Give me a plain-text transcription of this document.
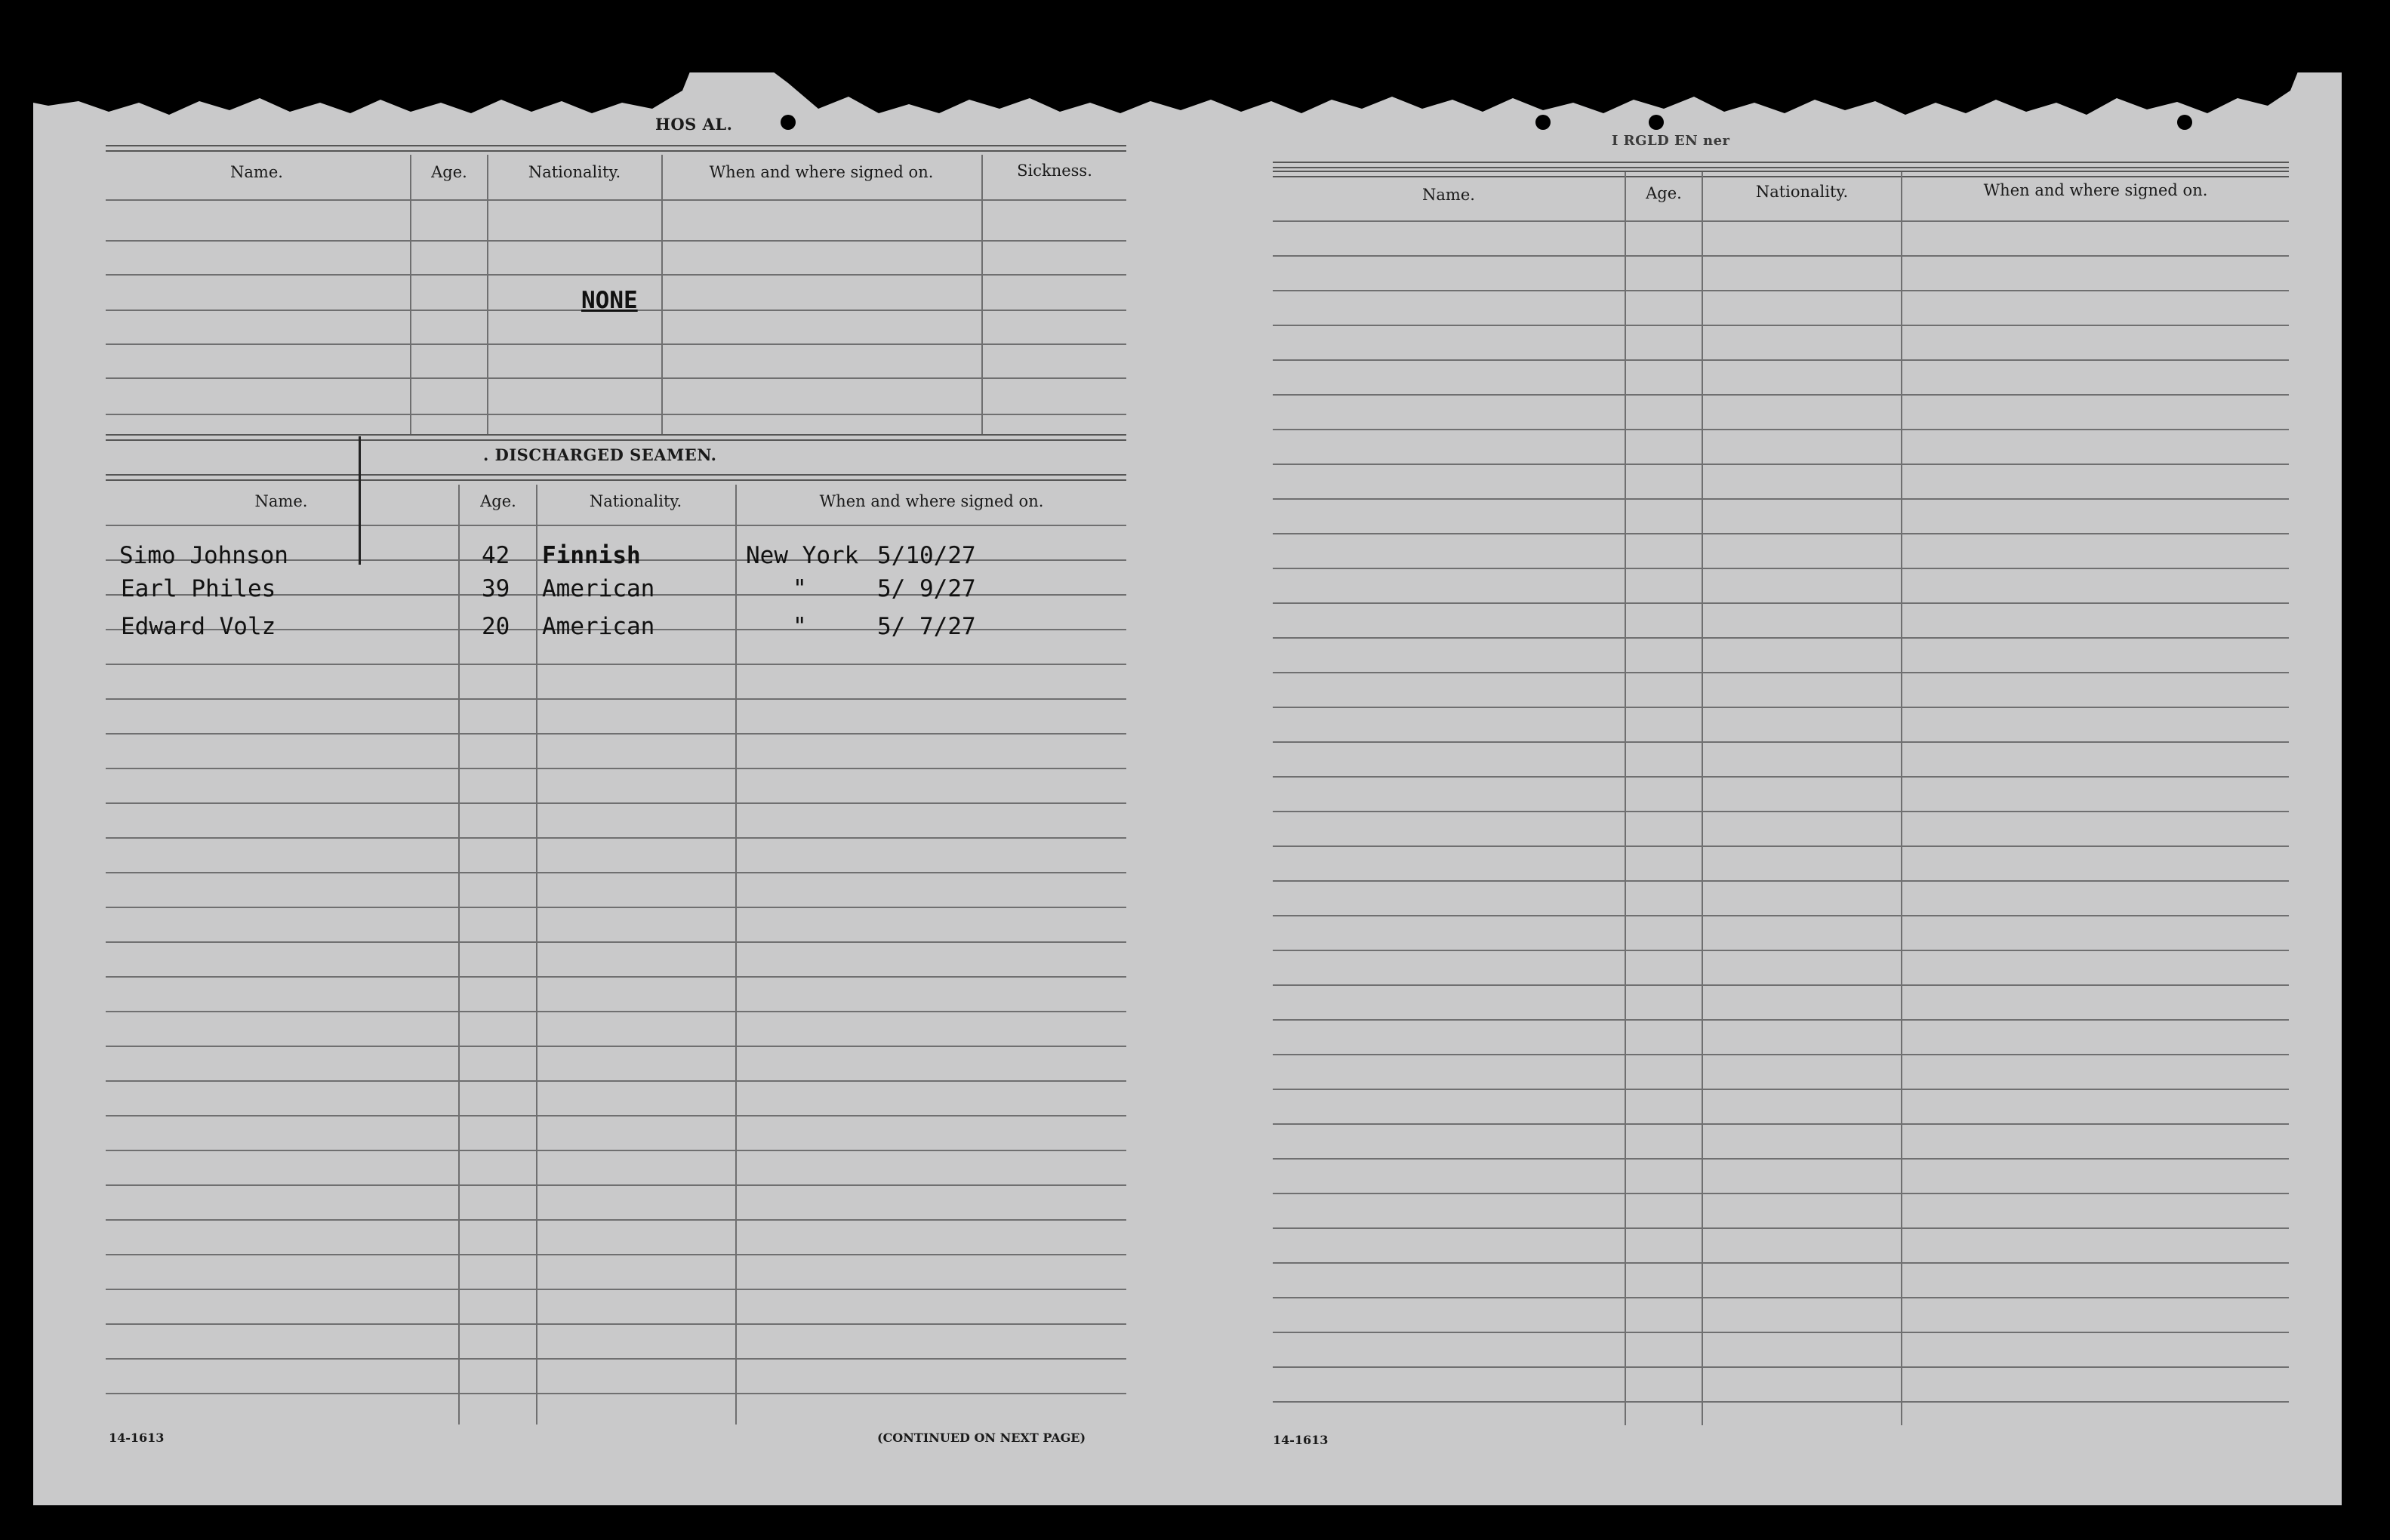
HOS AL.
Name.	Age.	Nationality.	When and where signed on.	Sickness.
NONE
. DISCHARGED SEAMEN.
Name.	Age.	Nationality.	When and where signed on.
Simo Johnson	42 Finnish	New York 5/10/27
Earl Philes	39 American	"	5/ 9/27
Edward Volz	20 American	"	5/ 7/27
14-1613	(CONTINUED ON NEXT PAGE)
I RGLD EN ner
Name.	Age.	Nationality.	When and where signed on.
14-1613
